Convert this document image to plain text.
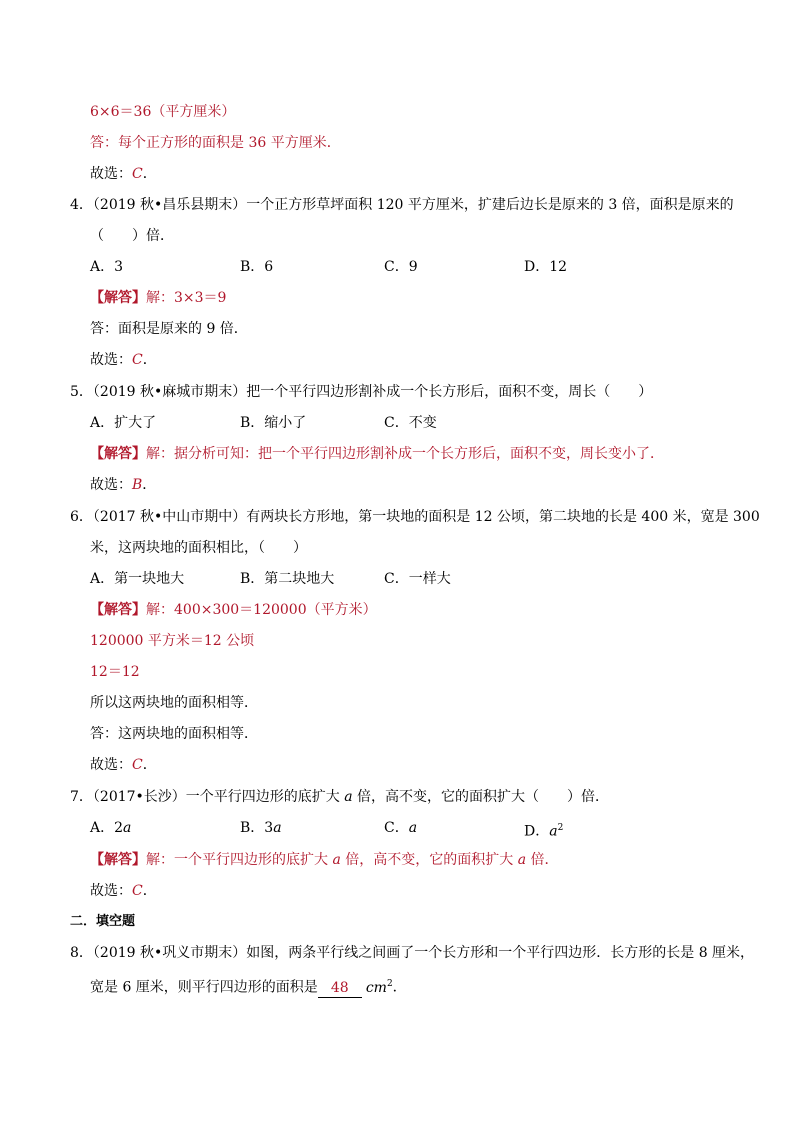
6×6＝36（平方厘米）
答：每个正方形的面积是 36 平方厘米．
故选：C．
4．（2019 秋•昌乐县期末）一个正方形草坪面积 120 平方厘米，扩建后边长是原来的 3 倍，面积是原来的
（　　）倍．
A．3	B．6	C．9	D．12
【解答】解：3×3＝9
答：面积是原来的 9 倍．
故选：C．
5．（2019 秋•麻城市期末）把一个平行四边形割补成一个长方形后，面积不变，周长（　　）
A．扩大了	B．缩小了	C．不变
【解答】解：据分析可知：把一个平行四边形割补成一个长方形后，面积不变，周长变小了．
故选：B．
6．（2017 秋•中山市期中）有两块长方形地，第一块地的面积是 12 公顷，第二块地的长是 400 米，宽是 300
米，这两块地的面积相比，（　　）
A．第一块地大	B．第二块地大	C．一样大
【解答】解：400×300＝120000（平方米）
120000 平方米＝12 公顷
12＝12
所以这两块地的面积相等．
答：这两块地的面积相等．
故选：C．
7．（2017•长沙）一个平行四边形的底扩大 a 倍，高不变，它的面积扩大（　　）倍．
A．2a	B．3a	C．a	D．$a^2$
【解答】解：一个平行四边形的底扩大 a 倍，高不变，它的面积扩大 a 倍．
故选：C．
二．填空题
8．（2019 秋•巩义市期末）如图，两条平行线之间画了一个长方形和一个平行四边形．长方形的长是 8 厘米，
宽是 6 厘米，则平行四边形的面积是 48 $cm^2$．
